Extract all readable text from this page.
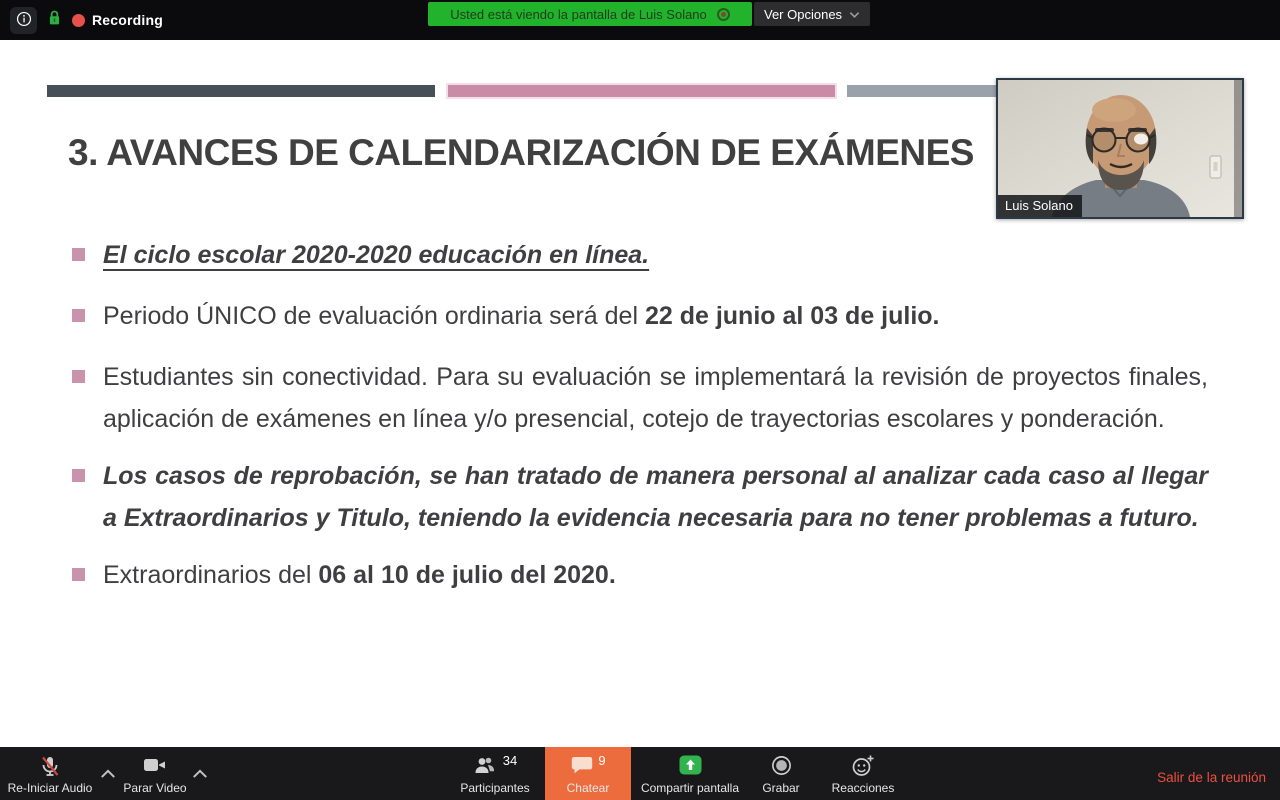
Recording	Usted está viendo la pantalla de Luis Solano	Ver Opciones
3. AVANCES DE CALENDARIZACIÓN DE EXÁMENES
El ciclo escolar 2020-2020 educación en línea.
Periodo ÚNICO de evaluación ordinaria será del 22 de junio al 03 de julio.
Estudiantes sin conectividad. Para su evaluación se implementará la revisión de proyectos finales, aplicación de exámenes en línea y/o presencial, cotejo de trayectorias escolares y ponderación.
Los casos de reprobación, se han tratado de manera personal al analizar cada caso al llegar a Extraordinarios y Titulo, teniendo la evidencia necesaria para no tener problemas a futuro.
Extraordinarios del 06 al 10 de julio del 2020.
Luis Solano
Re-Iniciar Audio	Parar Video
34
Participantes
9
Chatear	Compartir pantalla Grabar	Reacciones
Salir de la reunión
